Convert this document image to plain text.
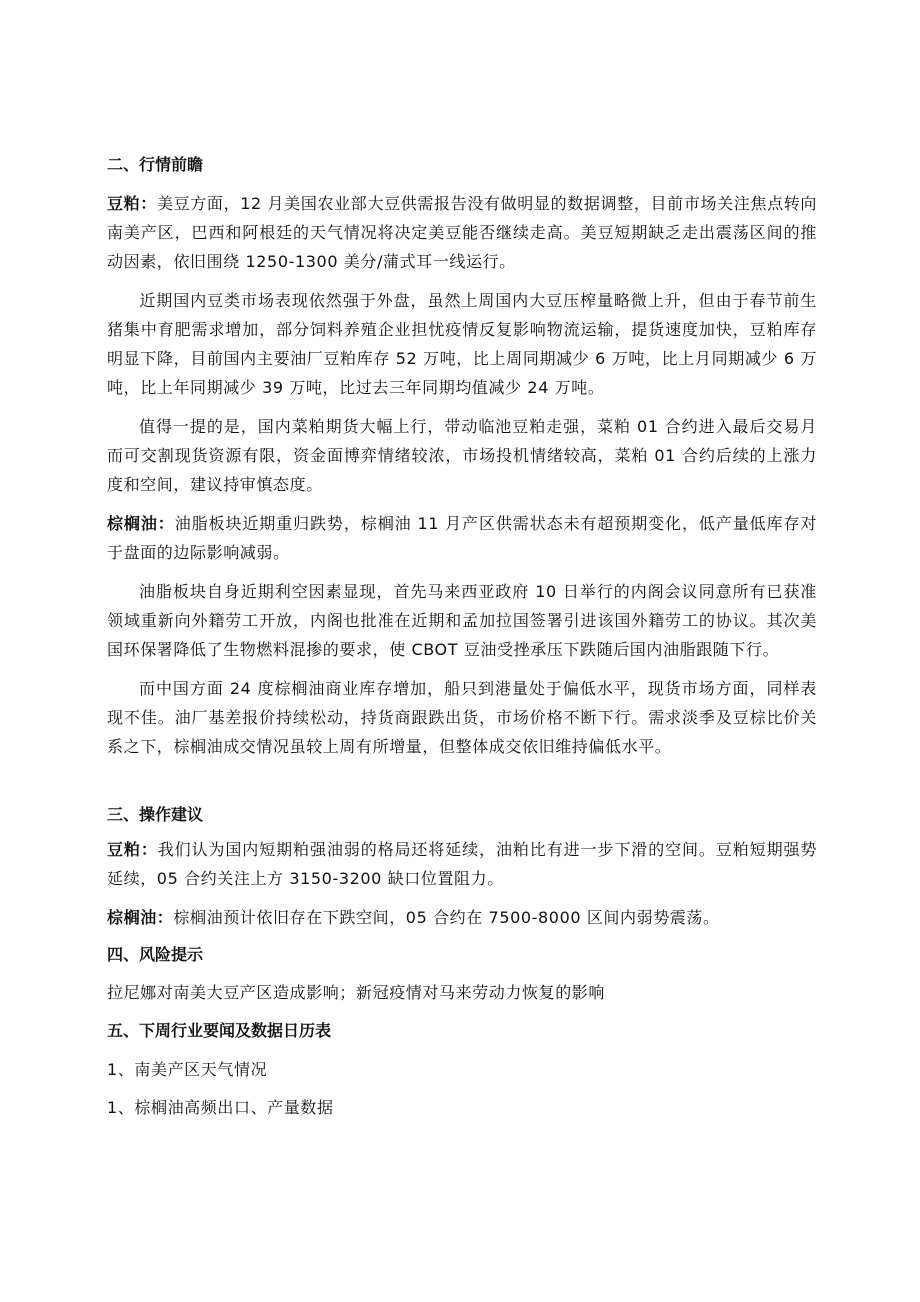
二、行情前瞻

豆粕：美豆方面，12 月美国农业部大豆供需报告没有做明显的数据调整，目前市场关注焦点转向南美产区，巴西和阿根廷的天气情况将决定美豆能否继续走高。美豆短期缺乏走出震荡区间的推动因素，依旧围绕 1250-1300 美分/蒲式耳一线运行。

近期国内豆类市场表现依然强于外盘，虽然上周国内大豆压榨量略微上升，但由于春节前生猪集中育肥需求增加，部分饲料养殖企业担忧疫情反复影响物流运输，提货速度加快，豆粕库存明显下降，目前国内主要油厂豆粕库存 52 万吨，比上周同期减少 6 万吨，比上月同期减少 6 万吨，比上年同期减少 39 万吨，比过去三年同期均值减少 24 万吨。

值得一提的是，国内菜粕期货大幅上行，带动临池豆粕走强，菜粕 01 合约进入最后交易月而可交割现货资源有限，资金面博弈情绪较浓，市场投机情绪较高，菜粕 01 合约后续的上涨力度和空间，建议持审慎态度。

棕榈油：油脂板块近期重归跌势，棕榈油 11 月产区供需状态未有超预期变化，低产量低库存对于盘面的边际影响减弱。

油脂板块自身近期利空因素显现，首先马来西亚政府 10 日举行的内阁会议同意所有已获准领域重新向外籍劳工开放，内阁也批准在近期和孟加拉国签署引进该国外籍劳工的协议。其次美国环保署降低了生物燃料混掺的要求，使 CBOT 豆油受挫承压下跌随后国内油脂跟随下行。

而中国方面 24 度棕榈油商业库存增加，船只到港量处于偏低水平，现货市场方面，同样表现不佳。油厂基差报价持续松动，持货商跟跌出货，市场价格不断下行。需求淡季及豆棕比价关系之下，棕榈油成交情况虽较上周有所增量，但整体成交依旧维持偏低水平。

三、操作建议

豆粕：我们认为国内短期粕强油弱的格局还将延续，油粕比有进一步下滑的空间。豆粕短期强势延续，05 合约关注上方 3150-3200 缺口位置阻力。

棕榈油：棕榈油预计依旧存在下跌空间，05 合约在 7500-8000 区间内弱势震荡。

四、风险提示

拉尼娜对南美大豆产区造成影响；新冠疫情对马来劳动力恢复的影响

五、下周行业要闻及数据日历表

1、南美产区天气情况

1、棕榈油高频出口、产量数据
